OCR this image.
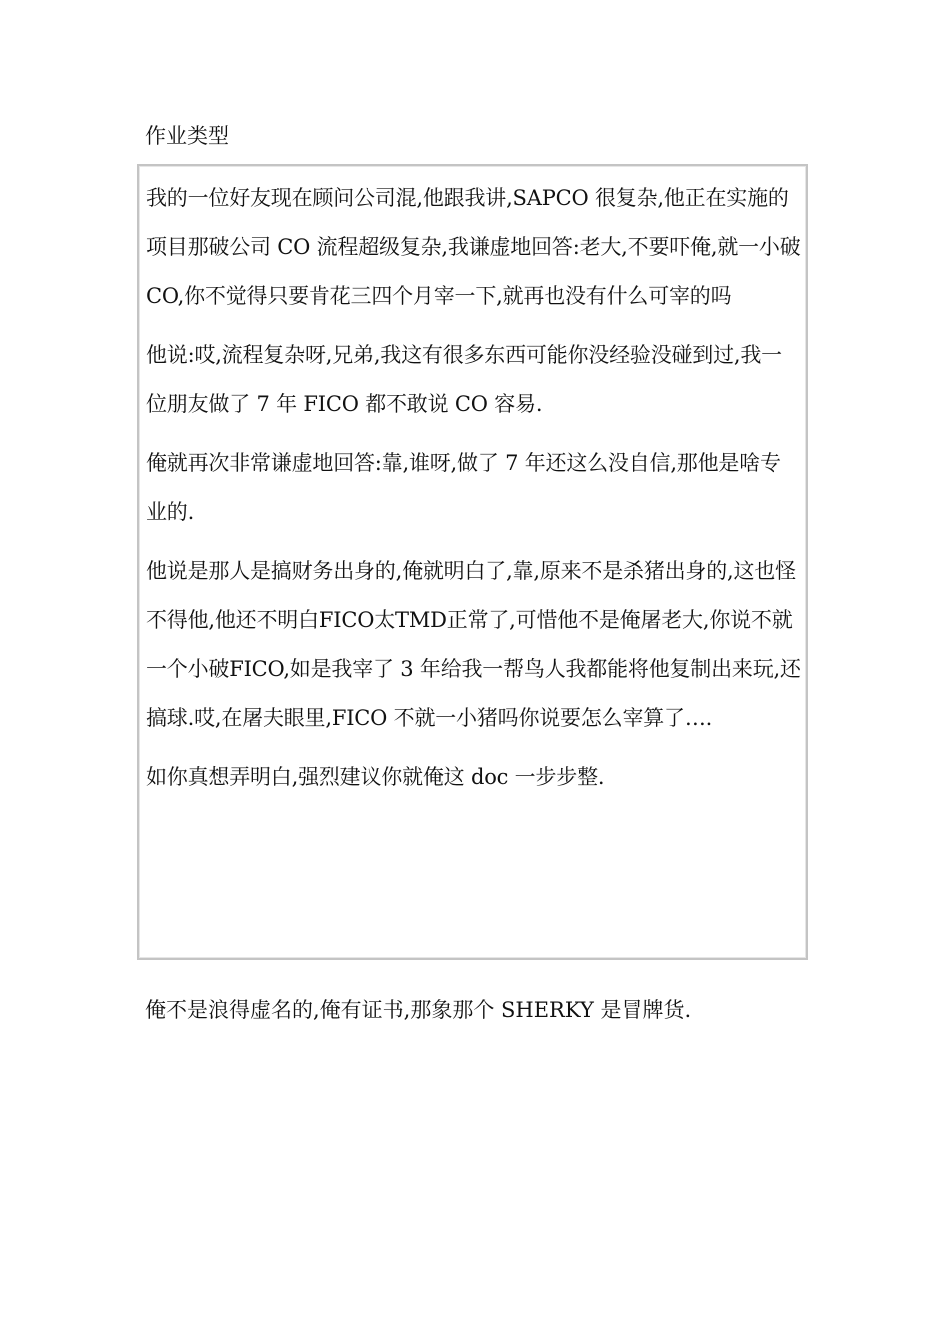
作业类型

我的一位好友现在顾问公司混,他跟我讲,SAPCO 很复杂,他正在实施的项目那破公司 CO 流程超级复杂,我谦虚地回答:老大,不要吓俺,就一小破 CO,你不觉得只要肯花三四个月宰一下,就再也没有什么可宰的吗

他说:哎,流程复杂呀,兄弟,我这有很多东西可能你没经验没碰到过,我一位朋友做了 7 年 FICO 都不敢说 CO 容易.

俺就再次非常谦虚地回答:靠,谁呀,做了 7 年还这么没自信,那他是啥专业的.

他说是那人是搞财务出身的,俺就明白了,靠,原来不是杀猪出身的,这也怪不得他,他还不明白FICO太TMD正常了,可惜他不是俺屠老大,你说不就一个小破FICO,如是我宰了 3 年给我一帮鸟人我都能将他复制出来玩,还搞球.哎,在屠夫眼里,FICO 不就一小猪吗你说要怎么宰算了….

如你真想弄明白,强烈建议你就俺这 doc 一步步整.

俺不是浪得虚名的,俺有证书,那象那个 SHERKY 是冒牌货.
